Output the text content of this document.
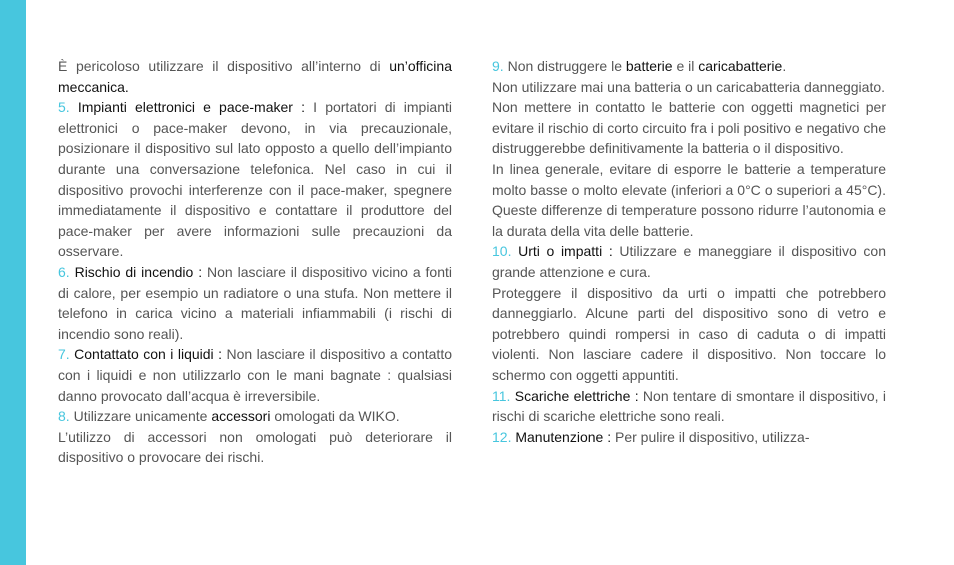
È pericoloso utilizzare il dispositivo all’interno di un’officina meccanica.

5. Impianti elettronici e pace-maker : I portatori di impianti elettronici o pace-maker devono, in via precauzionale, posizionare il dispositivo sul lato opposto a quello dell’impianto durante una conversazione telefonica. Nel caso in cui il dispositivo provochi interferenze con il pace-maker, spegnere immediatamente il dispositivo e contattare il produttore del pace-maker per avere informazioni sulle precauzioni da osservare.

6. Rischio di incendio : Non lasciare il dispositivo vicino a fonti di calore, per esempio un radiatore o una stufa. Non mettere il telefono in carica vicino a materiali infiammabili (i rischi di incendio sono reali).

7. Contattato con i liquidi : Non lasciare il dispositivo a contatto con i liquidi e non utilizzarlo con le mani bagnate : qualsiasi danno provocato dall’acqua è irreversibile.

8. Utilizzare unicamente accessori omologati da WIKO.

L’utilizzo di accessori non omologati può deteriorare il dispositivo o provocare dei rischi.

9. Non distruggere le batterie e il caricabatterie.

Non utilizzare mai una batteria o un caricabatteria danneggiato.

Non mettere in contatto le batterie con oggetti magnetici per evitare il rischio di corto circuito fra i poli positivo e negativo che distruggerebbe definitivamente la batteria o il dispositivo.

In linea generale, evitare di esporre le batterie a temperature molto basse o molto elevate (inferiori a 0°C o superiori a 45°C). Queste differenze di temperature possono ridurre l’autonomia e la durata della vita delle batterie.

10. Urti o impatti : Utilizzare e maneggiare il dispositivo con grande attenzione e cura.

Proteggere il dispositivo da urti o impatti che potrebbero danneggiarlo. Alcune parti del dispositivo sono di vetro e potrebbero quindi rompersi in caso di caduta o di impatti violenti. Non lasciare cadere il dispositivo. Non toccare lo schermo con oggetti appuntiti.

11. Scariche elettriche : Non tentare di smontare il dispositivo, i rischi di scariche elettriche sono reali.

12. Manutenzione : Per pulire il dispositivo, utilizza-
